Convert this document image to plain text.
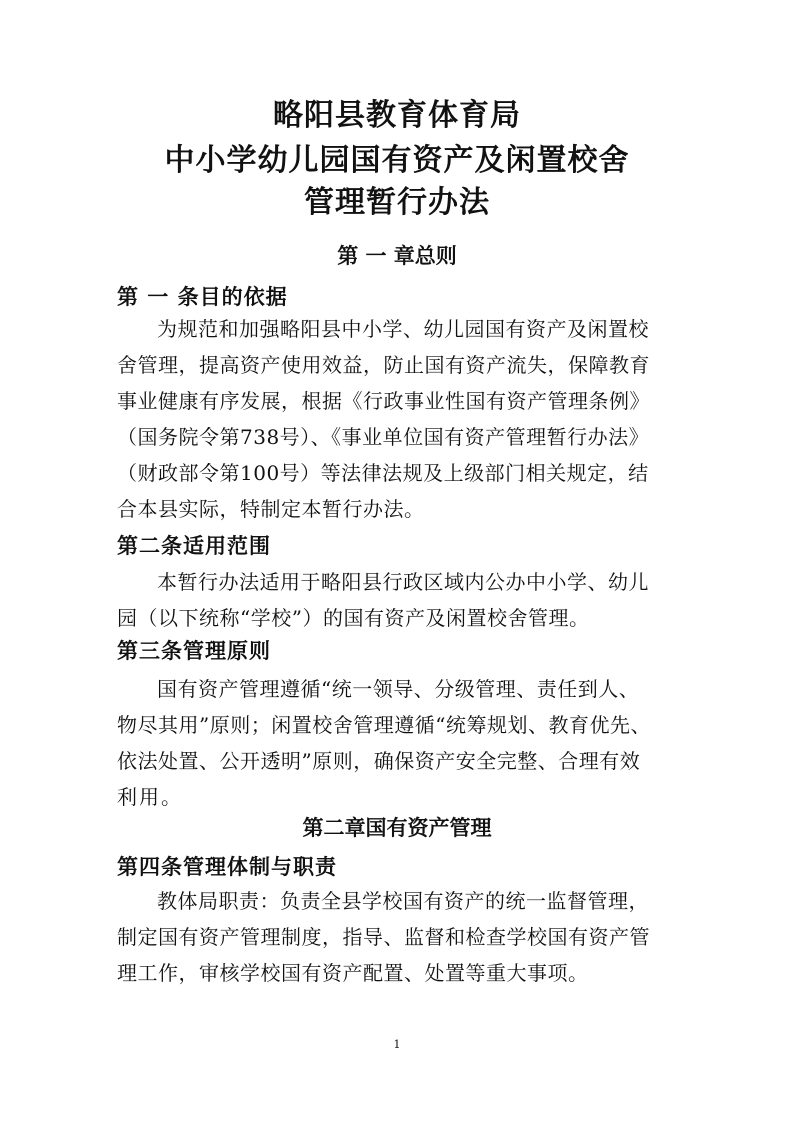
略阳县教育体育局
中小学幼儿园国有资产及闲置校舍
管理暂行办法
第 一 章总则
第 一 条目的依据
为规范和加强略阳县中小学、幼儿园国有资产及闲置校
舍管理，提高资产使用效益，防止国有资产流失，保障教育
事业健康有序发展，根据《行政事业性国有资产管理条例》
（国务院令第738号）、《事业单位国有资产管理暂行办法》
（财政部令第100号）等法律法规及上级部门相关规定，结
合本县实际，特制定本暂行办法。
第二条适用范围
本暂行办法适用于略阳县行政区域内公办中小学、幼儿
园（以下统称“学校”）的国有资产及闲置校舍管理。
第三条管理原则
国有资产管理遵循“统一领导、分级管理、责任到人、
物尽其用”原则；闲置校舍管理遵循“统筹规划、教育优先、
依法处置、公开透明”原则，确保资产安全完整、合理有效
利用。
第二章国有资产管理
第四条管理体制与职责
教体局职责：负责全县学校国有资产的统一监督管理，
制定国有资产管理制度，指导、监督和检查学校国有资产管
理工作，审核学校国有资产配置、处置等重大事项。
1
